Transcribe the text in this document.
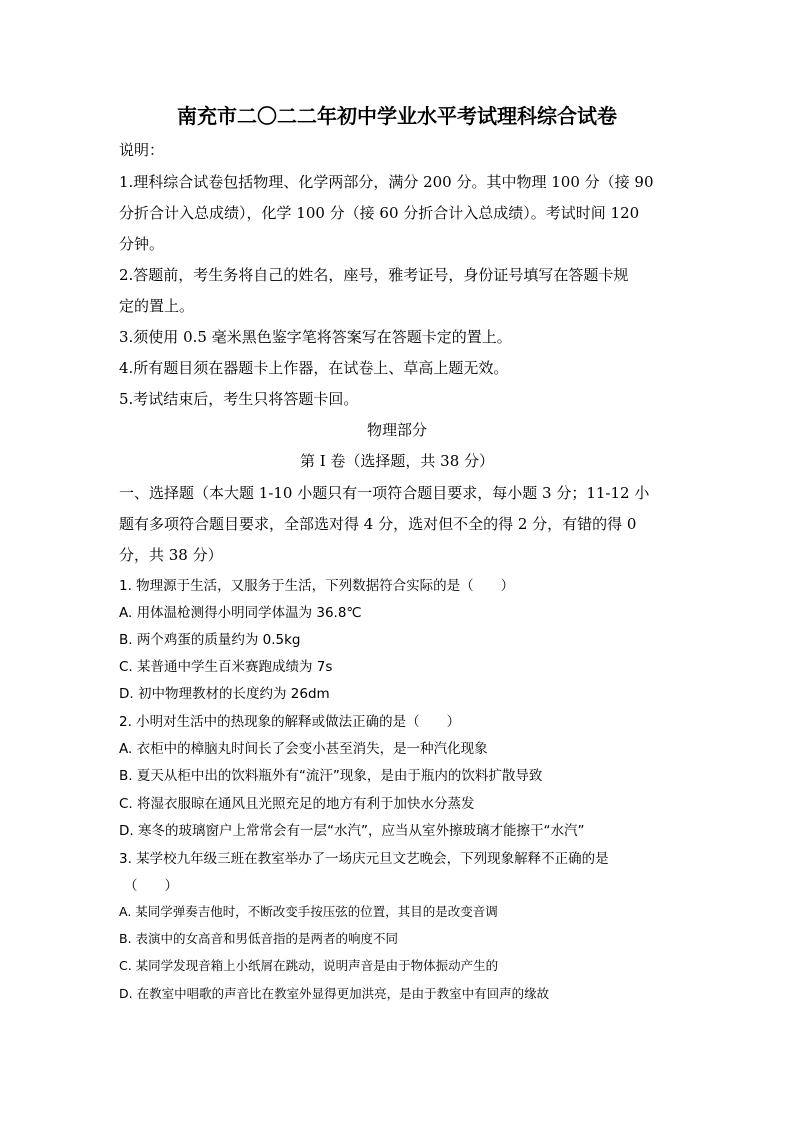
南充市二〇二二年初中学业水平考试理科综合试卷
说明：
1.理科综合试卷包括物理、化学两部分，满分 200 分。其中物理 100 分（接 90
分折合计入总成绩），化学 100 分（接 60 分折合计入总成绩）。考试时间 120
分钟。
2.答题前，考生务将自己的姓名，座号，雅考证号，身份证号填写在答题卡规
定的置上。
3.须使用 0.5 毫米黑色鉴字笔将答案写在答题卡定的置上。
4.所有题目须在器题卡上作器，在试卷上、草高上题无效。
5.考试结束后，考生只将答题卡回。
物理部分
第 I 卷（选择题，共 38 分）
一、选择题（本大题 1-10 小题只有一项符合题目要求，每小题 3 分；11-12 小
题有多项符合题目要求，全部选对得 4 分，选对但不全的得 2 分，有错的得 0
分，共 38 分）
1. 物理源于生活，又服务于生活，下列数据符合实际的是（　　）
A. 用体温枪测得小明同学体温为 36.8℃
B. 两个鸡蛋的质量约为 0.5kg
C. 某普通中学生百米赛跑成绩为 7s
D. 初中物理教材的长度约为 26dm
2. 小明对生活中的热现象的解释或做法正确的是（　　）
A. 衣柜中的樟脑丸时间长了会变小甚至消失，是一种汽化现象
B. 夏天从柜中出的饮料瓶外有“流汗”现象，是由于瓶内的饮料扩散导致
C. 将湿衣服晾在通风且光照充足的地方有利于加快水分蒸发
D. 寒冬的玻璃窗户上常常会有一层“水汽”，应当从室外擦玻璃才能擦干“水汽”
3. 某学校九年级三班在教室举办了一场庆元旦文艺晚会，下列现象解释不正确的是
（　　）
A. 某同学弹奏吉他时，不断改变手按压弦的位置，其目的是改变音调
B. 表演中的女高音和男低音指的是两者的响度不同
C. 某同学发现音箱上小纸屑在跳动，说明声音是由于物体振动产生的
D. 在教室中唱歌的声音比在教室外显得更加洪亮，是由于教室中有回声的缘故
